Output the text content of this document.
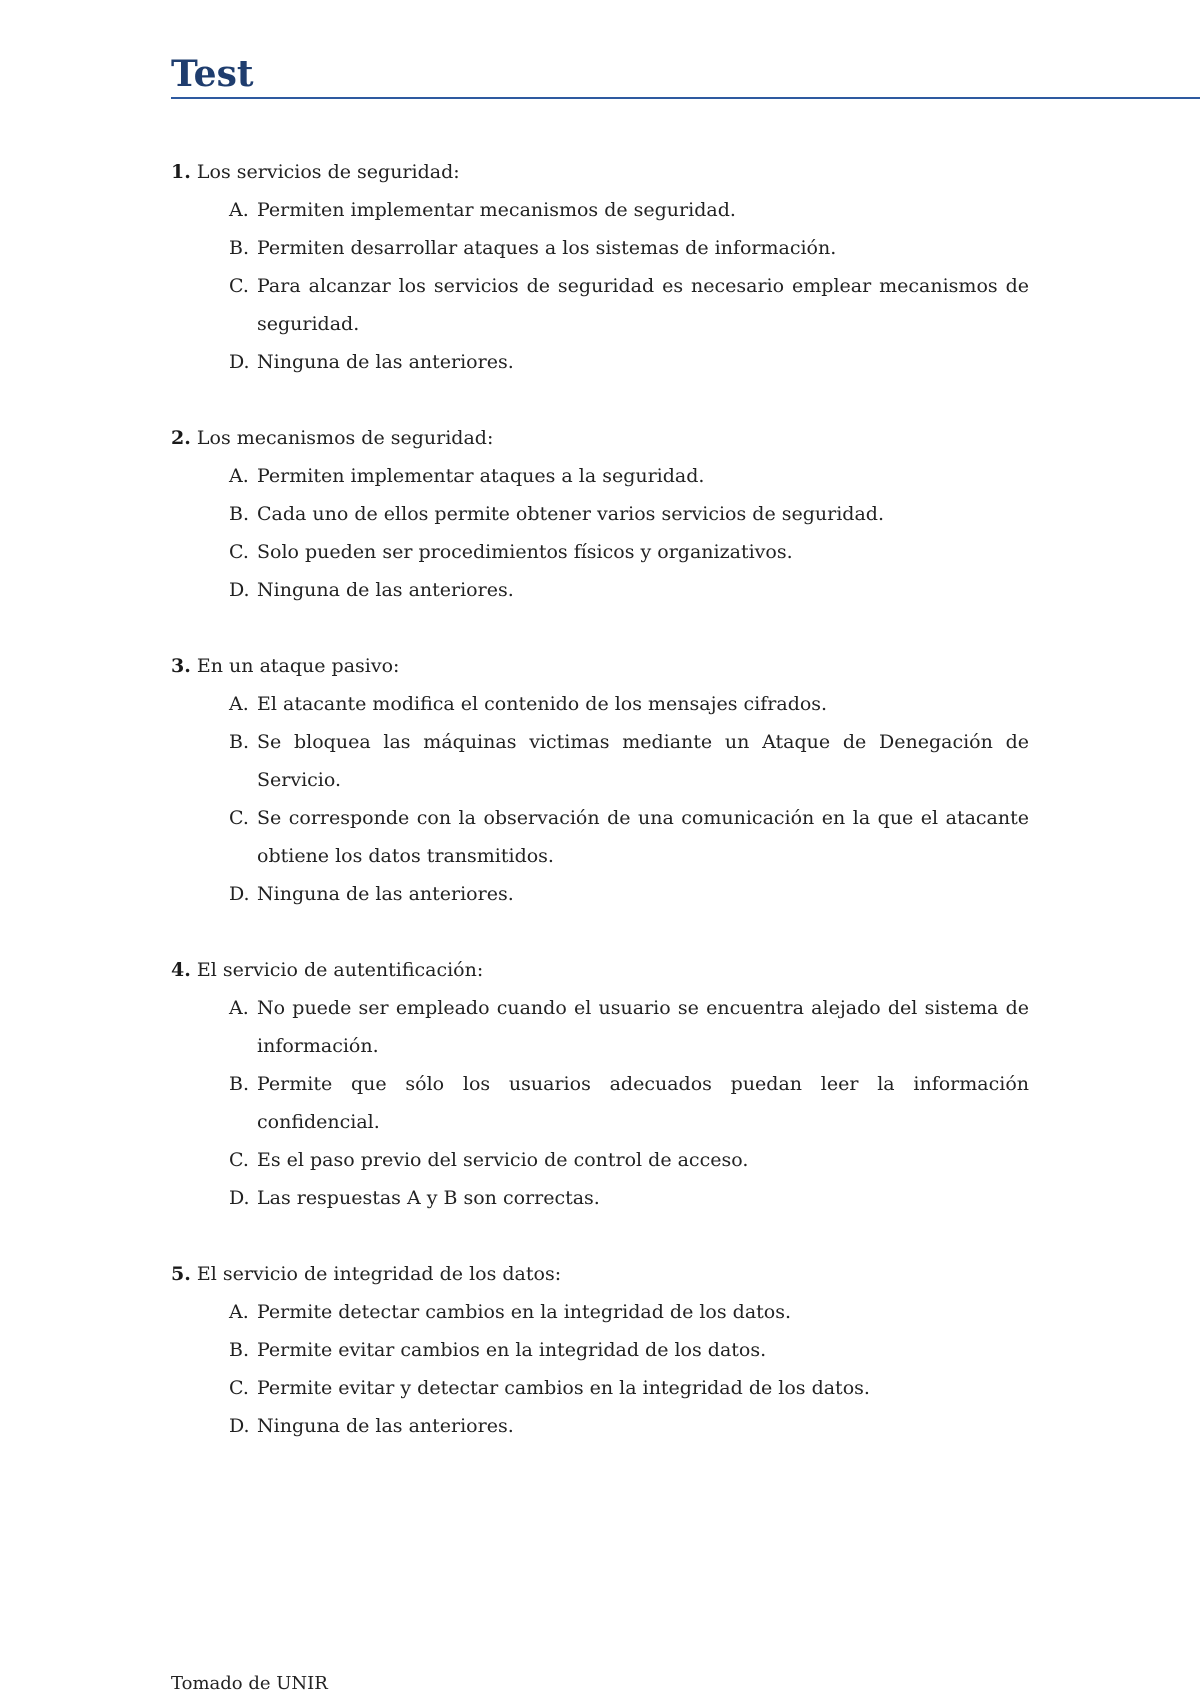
Test
1. Los servicios de seguridad:
A. Permiten implementar mecanismos de seguridad.
B. Permiten desarrollar ataques a los sistemas de información.
C. Para alcanzar los servicios de seguridad es necesario emplear mecanismos de seguridad.
D. Ninguna de las anteriores.
2. Los mecanismos de seguridad:
A. Permiten implementar ataques a la seguridad.
B. Cada uno de ellos permite obtener varios servicios de seguridad.
C. Solo pueden ser procedimientos físicos y organizativos.
D. Ninguna de las anteriores.
3. En un ataque pasivo:
A. El atacante modifica el contenido de los mensajes cifrados.
B. Se bloquea las máquinas victimas mediante un Ataque de Denegación de Servicio.
C. Se corresponde con la observación de una comunicación en la que el atacante obtiene los datos transmitidos.
D. Ninguna de las anteriores.
4. El servicio de autentificación:
A. No puede ser empleado cuando el usuario se encuentra alejado del sistema de información.
B. Permite que sólo los usuarios adecuados puedan leer la información confidencial.
C. Es el paso previo del servicio de control de acceso.
D. Las respuestas A y B son correctas.
5. El servicio de integridad de los datos:
A. Permite detectar cambios en la integridad de los datos.
B. Permite evitar cambios en la integridad de los datos.
C. Permite evitar y detectar cambios en la integridad de los datos.
D. Ninguna de las anteriores.
Tomado de UNIR
